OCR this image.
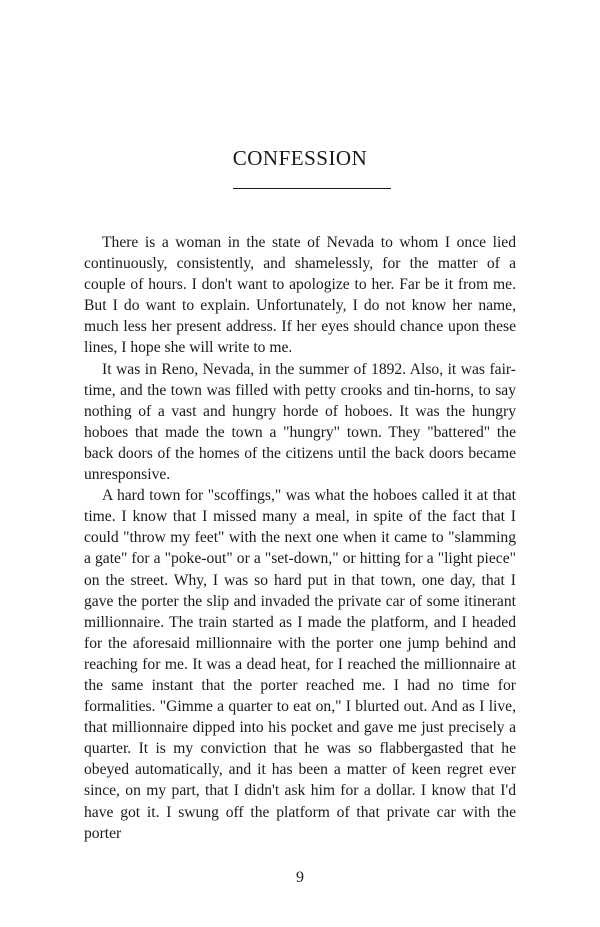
CONFESSION

There is a woman in the state of Nevada to whom I once lied continuously, consistently, and shamelessly, for the matter of a couple of hours. I don't want to apologize to her. Far be it from me. But I do want to explain. Unfortunately, I do not know her name, much less her present address. If her eyes should chance upon these lines, I hope she will write to me.

It was in Reno, Nevada, in the summer of 1892. Also, it was fair-time, and the town was filled with petty crooks and tin-horns, to say nothing of a vast and hungry horde of hoboes. It was the hungry hoboes that made the town a "hungry" town. They "battered" the back doors of the homes of the citizens until the back doors became unresponsive.

A hard town for "scoffings," was what the hoboes called it at that time. I know that I missed many a meal, in spite of the fact that I could "throw my feet" with the next one when it came to "slamming a gate" for a "poke-out" or a "set-down," or hitting for a "light piece" on the street. Why, I was so hard put in that town, one day, that I gave the porter the slip and invaded the private car of some itinerant millionnaire. The train started as I made the platform, and I headed for the aforesaid millionnaire with the porter one jump behind and reaching for me. It was a dead heat, for I reached the millionnaire at the same instant that the porter reached me. I had no time for formalities. "Gimme a quarter to eat on," I blurted out. And as I live, that millionnaire dipped into his pocket and gave me just precisely a quarter. It is my conviction that he was so flabbergasted that he obeyed automatically, and it has been a matter of keen regret ever since, on my part, that I didn't ask him for a dollar. I know that I'd have got it. I swung off the platform of that private car with the porter

9
